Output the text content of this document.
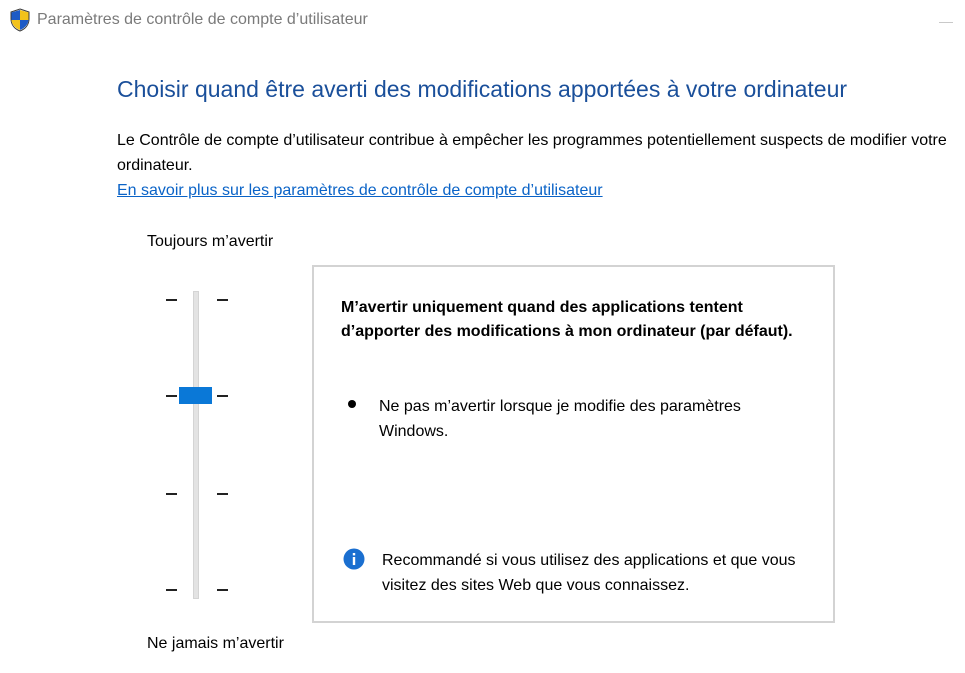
Paramètres de contrôle de compte d’utilisateur
Choisir quand être averti des modifications apportées à votre ordinateur
Le Contrôle de compte d’utilisateur contribue à empêcher les programmes potentiellement suspects de modifier votre ordinateur.
En savoir plus sur les paramètres de contrôle de compte d’utilisateur
Toujours m’avertir
Ne jamais m’avertir
M’avertir uniquement quand des applications tentent d’apporter des modifications à mon ordinateur (par défaut).
Ne pas m’avertir lorsque je modifie des paramètres Windows.
Recommandé si vous utilisez des applications et que vous visitez des sites Web que vous connaissez.
